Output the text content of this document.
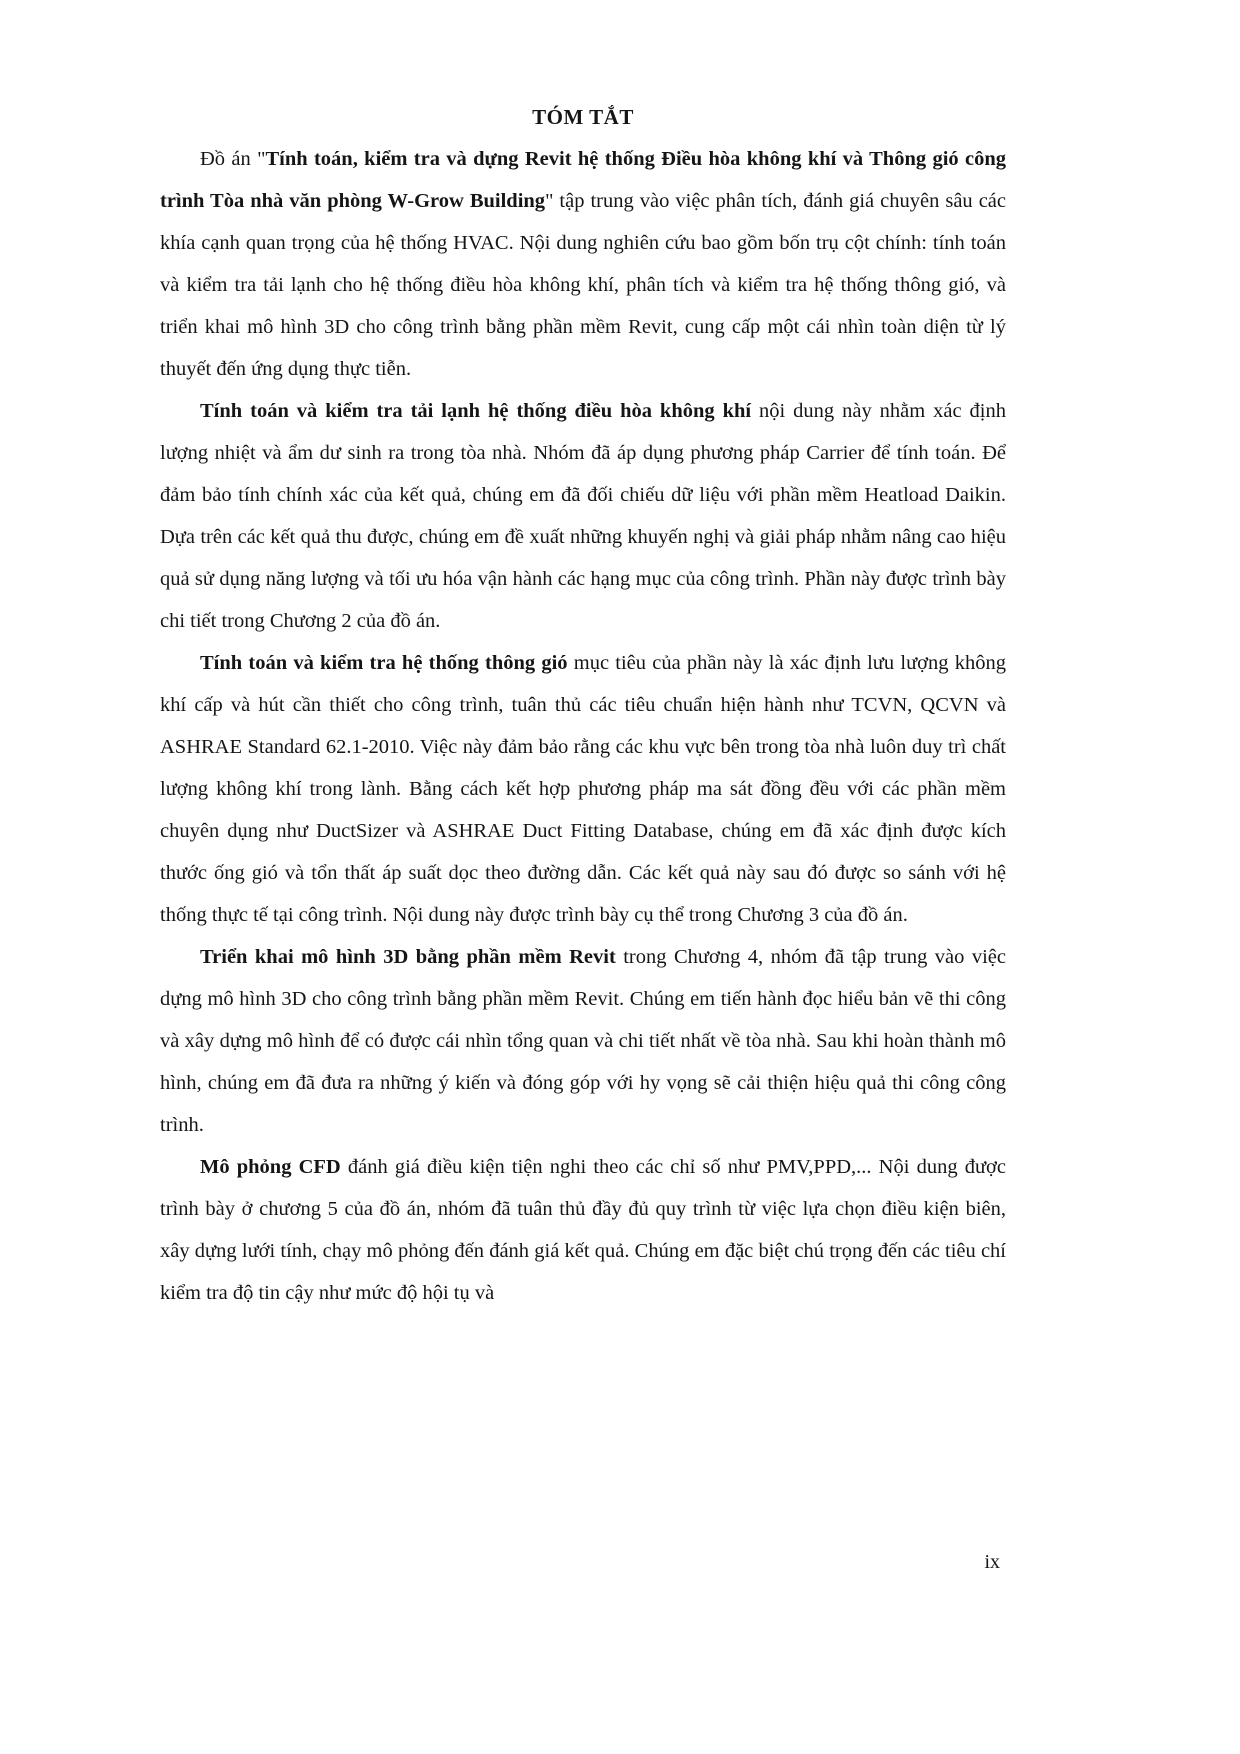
TÓM TẮT

Đồ án "Tính toán, kiểm tra và dựng Revit hệ thống Điều hòa không khí và Thông gió công trình Tòa nhà văn phòng W-Grow Building" tập trung vào việc phân tích, đánh giá chuyên sâu các khía cạnh quan trọng của hệ thống HVAC. Nội dung nghiên cứu bao gồm bốn trụ cột chính: tính toán và kiểm tra tải lạnh cho hệ thống điều hòa không khí, phân tích và kiểm tra hệ thống thông gió, và triển khai mô hình 3D cho công trình bằng phần mềm Revit, cung cấp một cái nhìn toàn diện từ lý thuyết đến ứng dụng thực tiễn.

Tính toán và kiểm tra tải lạnh hệ thống điều hòa không khí nội dung này nhằm xác định lượng nhiệt và ẩm dư sinh ra trong tòa nhà. Nhóm đã áp dụng phương pháp Carrier để tính toán. Để đảm bảo tính chính xác của kết quả, chúng em đã đối chiếu dữ liệu với phần mềm Heatload Daikin. Dựa trên các kết quả thu được, chúng em đề xuất những khuyến nghị và giải pháp nhằm nâng cao hiệu quả sử dụng năng lượng và tối ưu hóa vận hành các hạng mục của công trình. Phần này được trình bày chi tiết trong Chương 2 của đồ án.

Tính toán và kiểm tra hệ thống thông gió mục tiêu của phần này là xác định lưu lượng không khí cấp và hút cần thiết cho công trình, tuân thủ các tiêu chuẩn hiện hành như TCVN, QCVN và ASHRAE Standard 62.1-2010. Việc này đảm bảo rằng các khu vực bên trong tòa nhà luôn duy trì chất lượng không khí trong lành. Bằng cách kết hợp phương pháp ma sát đồng đều với các phần mềm chuyên dụng như DuctSizer và ASHRAE Duct Fitting Database, chúng em đã xác định được kích thước ống gió và tổn thất áp suất dọc theo đường dẫn. Các kết quả này sau đó được so sánh với hệ thống thực tế tại công trình. Nội dung này được trình bày cụ thể trong Chương 3 của đồ án.

Triển khai mô hình 3D bằng phần mềm Revit trong Chương 4, nhóm đã tập trung vào việc dựng mô hình 3D cho công trình bằng phần mềm Revit. Chúng em tiến hành đọc hiểu bản vẽ thi công và xây dựng mô hình để có được cái nhìn tổng quan và chi tiết nhất về tòa nhà. Sau khi hoàn thành mô hình, chúng em đã đưa ra những ý kiến và đóng góp với hy vọng sẽ cải thiện hiệu quả thi công công trình.

Mô phỏng CFD đánh giá điều kiện tiện nghi theo các chỉ số như PMV,PPD,... Nội dung được trình bày ở chương 5 của đồ án, nhóm đã tuân thủ đầy đủ quy trình từ việc lựa chọn điều kiện biên, xây dựng lưới tính, chạy mô phỏng đến đánh giá kết quả. Chúng em đặc biệt chú trọng đến các tiêu chí kiểm tra độ tin cậy như mức độ hội tụ và

ix
